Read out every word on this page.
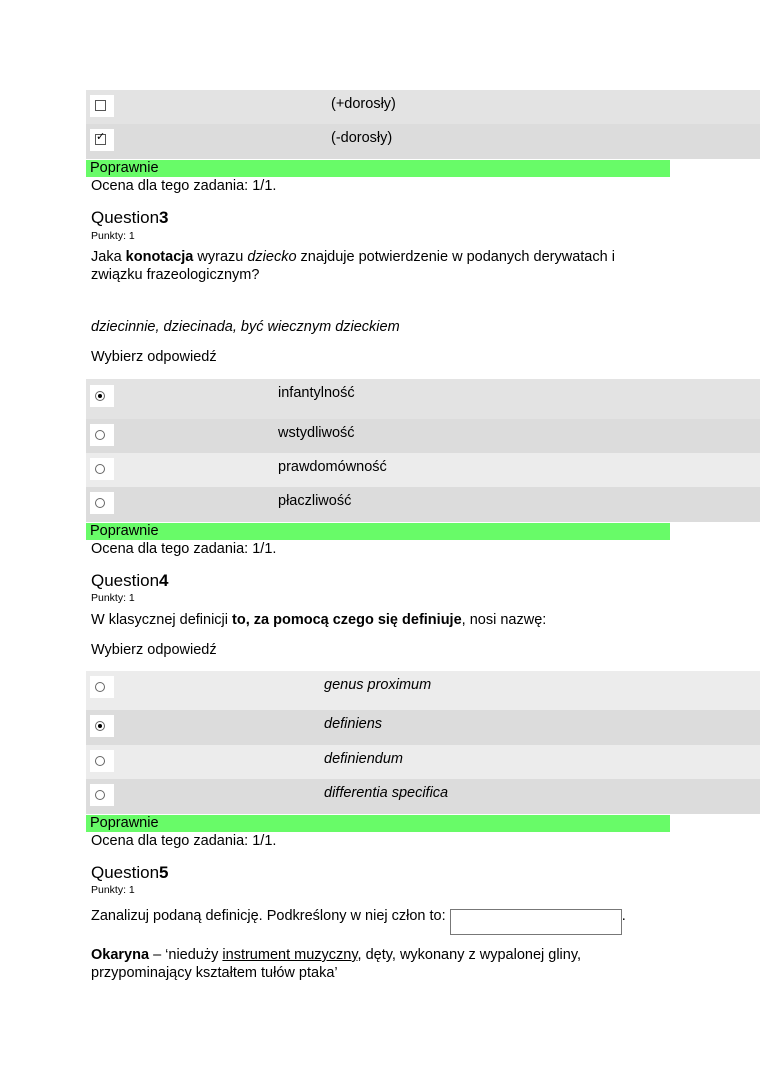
(+dorosły)
✓	(-dorosły)
Poprawnie
Ocena dla tego zadania: 1/1.
Question3
Punkty: 1
Jaka konotacja wyrazu dziecko znajduje potwierdzenie w podanych derywatach i
związku frazeologicznym?
dziecinnie, dziecinada, być wiecznym dzieckiem
Wybierz odpowiedź
infantylność
wstydliwość
prawdomówność
płaczliwość
Poprawnie
Ocena dla tego zadania: 1/1.
Question4
Punkty: 1
W klasycznej definicji to, za pomocą czego się definiuje, nosi nazwę:
Wybierz odpowiedź
genus proximum
definiens
definiendum
differentia specifica
Poprawnie
Ocena dla tego zadania: 1/1.
Question5
Punkty: 1
Zanalizuj podaną definicję. Podkreślony w niej człon to:	.
Okaryna – ‘nieduży instrument muzyczny, dęty, wykonany z wypalonej gliny,
przypominający kształtem tułów ptaka’
